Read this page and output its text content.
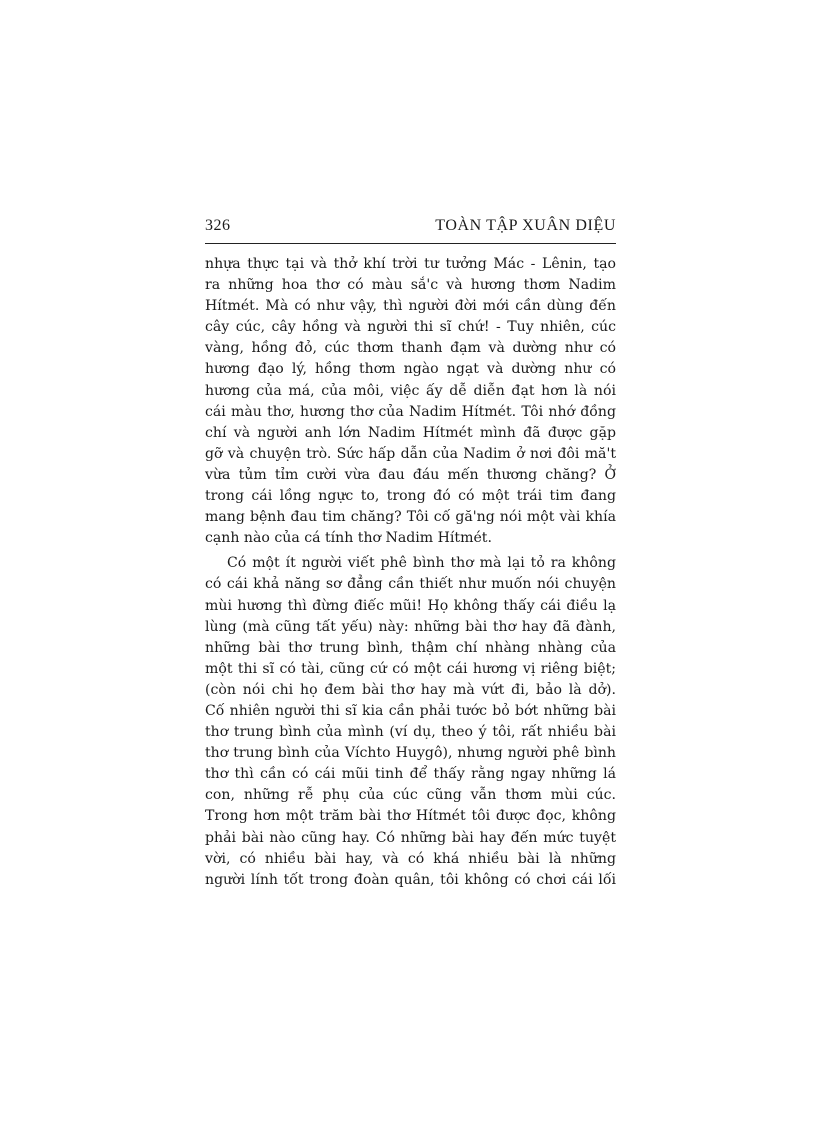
326	TOÀN TẬP XUÂN DIỆU
nhựa thực tại và thở khí trời tư tưởng Mác - Lênin, tạo
ra những hoa thơ có màu sắ'c và hương thơm Nadim
Hítmét. Mà có như vậy, thì người đời mới cần dùng đến
cây cúc, cây hồng và người thi sĩ chứ! - Tuy nhiên, cúc
vàng, hồng đỏ, cúc thơm thanh đạm và dường như có
hương đạo lý, hồng thơm ngào ngạt và dường như có
hương của má, của môi, việc ấy dễ diễn đạt hơn là nói
cái màu thơ, hương thơ của Nadim Hítmét. Tôi nhớ đồng
chí và người anh lớn Nadim Hítmét mình đã được gặp
gỡ và chuyện trò. Sức hấp dẫn của Nadim ở nơi đôi mă't
vừa tủm tỉm cười vừa đau đáu mến thương chăng? Ở
trong cái lồng ngực to, trong đó có một trái tim đang
mang bệnh đau tim chăng? Tôi cố gă'ng nói một vài khía
cạnh nào của cá tính thơ Nadim Hítmét.
Có một ít người viết phê bình thơ mà lại tỏ ra không
có cái khả năng sơ đẳng cần thiết như muốn nói chuyện
mùi hương thì đừng điếc mũi! Họ không thấy cái điều lạ
lùng (mà cũng tất yếu) này: những bài thơ hay đã đành,
những bài thơ trung bình, thậm chí nhàng nhàng của
một thi sĩ có tài, cũng cứ có một cái hương vị riêng biệt;
(còn nói chi họ đem bài thơ hay mà vứt đi, bảo là dở).
Cố nhiên người thi sĩ kia cần phải tước bỏ bớt những bài
thơ trung bình của mình (ví dụ, theo ý tôi, rất nhiều bài
thơ trung bình của Víchto Huygô), nhưng người phê bình
thơ thì cần có cái mũi tinh để thấy rằng ngay những lá
con, những rễ phụ của cúc cũng vẫn thơm mùi cúc.
Trong hơn một trăm bài thơ Hítmét tôi được đọc, không
phải bài nào cũng hay. Có những bài hay đến mức tuyệt
vời, có nhiều bài hay, và có khá nhiều bài là những
người lính tốt trong đoàn quân, tôi không có chơi cái lối
